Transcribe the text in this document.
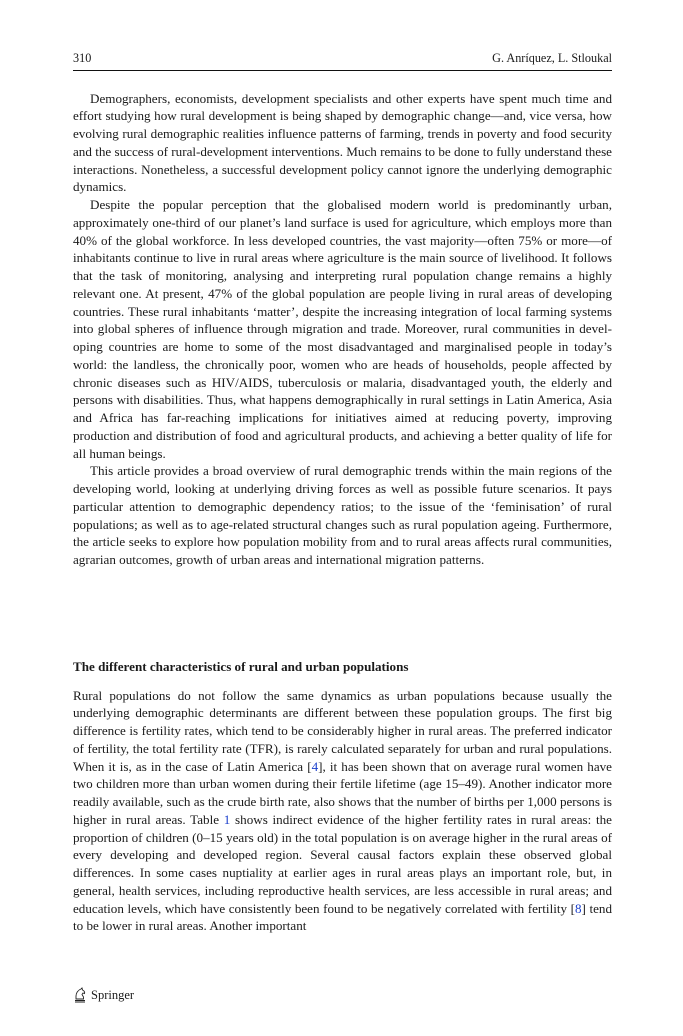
310	G. Anríquez, L. Stloukal

Demographers, economists, development specialists and other experts have spent much time and effort studying how rural development is being shaped by demographic change—and, vice versa, how evolving rural demographic realities influence patterns of farming, trends in poverty and food security and the success of rural-development interventions. Much remains to be done to fully understand these interactions. Nonetheless, a successful development policy cannot ignore the underlying demographic dynamics.

Despite the popular perception that the globalised modern world is predominantly urban, approximately one-third of our planet’s land surface is used for agriculture, which employs more than 40% of the global workforce. In less developed countries, the vast majority—often 75% or more—of inhabitants continue to live in rural areas where agriculture is the main source of livelihood. It follows that the task of monitoring, analysing and interpreting rural population change remains a highly relevant one. At present, 47% of the global population are people living in rural areas of developing countries. These rural inhabitants ‘matter’, despite the increasing integration of local farming systems into global spheres of influence through migration and trade. Moreover, rural communities in developing countries are home to some of the most disadvantaged and marginalised people in today’s world: the landless, the chronically poor, women who are heads of households, people affected by chronic diseases such as HIV/AIDS, tuberculosis or malaria, disadvantaged youth, the elderly and persons with disabilities. Thus, what happens demographically in rural settings in Latin America, Asia and Africa has far-reaching implications for initiatives aimed at reducing poverty, improving production and distribution of food and agricultural products, and achieving a better quality of life for all human beings.

This article provides a broad overview of rural demographic trends within the main regions of the developing world, looking at underlying driving forces as well as possible future scenarios. It pays particular attention to demographic dependency ratios; to the issue of the ‘feminisation’ of rural populations; as well as to age-related structural changes such as rural population ageing. Furthermore, the article seeks to explore how population mobility from and to rural areas affects rural communities, agrarian outcomes, growth of urban areas and international migration patterns.

The different characteristics of rural and urban populations

Rural populations do not follow the same dynamics as urban populations because usually the underlying demographic determinants are different between these population groups. The first big difference is fertility rates, which tend to be considerably higher in rural areas. The preferred indicator of fertility, the total fertility rate (TFR), is rarely calculated separately for urban and rural populations. When it is, as in the case of Latin America [4], it has been shown that on average rural women have two children more than urban women during their fertile lifetime (age 15–49). Another indicator more readily available, such as the crude birth rate, also shows that the number of births per 1,000 persons is higher in rural areas. Table 1 shows indirect evidence of the higher fertility rates in rural areas: the proportion of children (0–15 years old) in the total population is on average higher in the rural areas of every developing and developed region. Several causal factors explain these observed global differences. In some cases nuptiality at earlier ages in rural areas plays an important role, but, in general, health services, including reproductive health services, are less accessible in rural areas; and education levels, which have consistently been found to be negatively correlated with fertility [8] tend to be lower in rural areas. Another important

Springer
